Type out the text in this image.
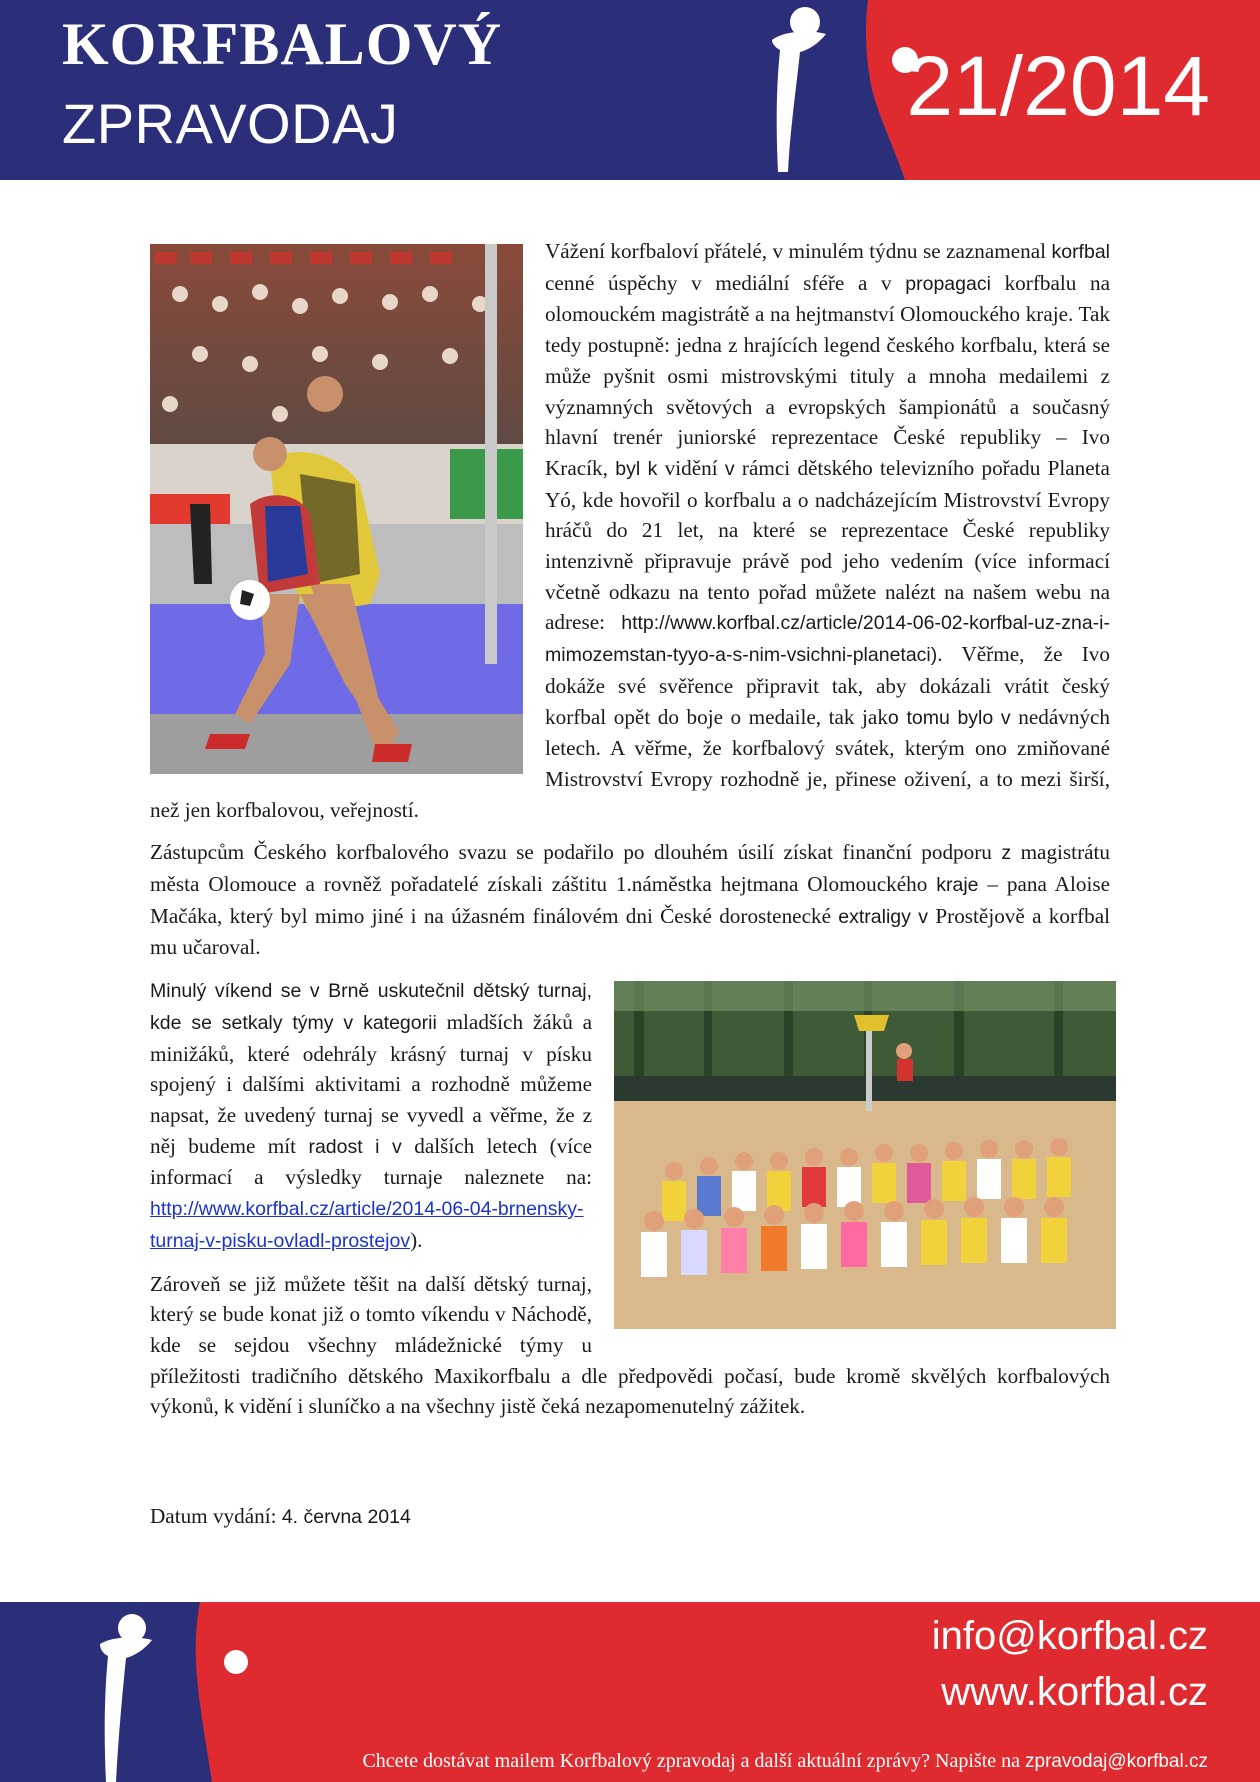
KORFBALOVÝ
ZPRAVODAJ	21/2014

Vážení korfbaloví přátelé, v minulém týdnu se zaznamenal korfbal cenné úspěchy v mediální sféře a v propagaci korfbalu na olomouckém magistrátě a na hejtmanství Olomouckého kraje. Tak tedy postupně: jedna z hrajících legend českého korfbalu, která se může pyšnit osmi mistrovskými tituly a mnoha medailemi z významných světových a evropských šampionátů a současný hlavní trenér juniorské reprezentace České republiky – Ivo Kracík, byl k vidění v rámci dětského televizního pořadu Planeta Yó, kde hovořil o korfbalu a o nadcházejícím Mistrovství Evropy hráčů do 21 let, na které se reprezentace České republiky intenzivně připravuje právě pod jeho vedením (více informací včetně odkazu na tento pořad můžete nalézt na našem webu na adrese: http://www.korfbal.cz/article/2014-06-02-korfbal-uz-zna-i-mimozemstan-tyyo-a-s-nim-vsichni-planetaci). Věřme, že Ivo dokáže své svěřence připravit tak, aby dokázali vrátit český korfbal opět do boje o medaile, tak jako tomu bylo v nedávných letech. A věřme, že korfbalový svátek, kterým ono zmiňované Mistrovství Evropy rozhodně je, přinese oživení, a to mezi širší, než jen korfbalovou, veřejností.

Zástupcům Českého korfbalového svazu se podařilo po dlouhém úsilí získat finanční podporu z magistrátu města Olomouce a rovněž pořadatelé získali záštitu 1.náměstka hejtmana Olomouckého kraje – pana Aloise Mačáka, který byl mimo jiné i na úžasném finálovém dni České dorostenecké extraligy v Prostějově a korfbal mu učaroval.

Minulý víkend se v Brně uskutečnil dětský turnaj, kde se setkaly týmy v kategorii mladších žáků a minižáků, které odehrály krásný turnaj v písku spojený i dalšími aktivitami a rozhodně můžeme napsat, že uvedený turnaj se vyvedl a věřme, že z něj budeme mít radost i v dalších letech (více informací a výsledky turnaje naleznete na: http://www.korfbal.cz/article/2014-06-04-brnensky-turnaj-v-pisku-ovladl-prostejov).

Zároveň se již můžete těšit na další dětský turnaj, který se bude konat již o tomto víkendu v Náchodě, kde se sejdou všechny mládežnické týmy u příležitosti tradičního dětského Maxikorfbalu a dle předpovědi počasí, bude kromě skvělých korfbalových výkonů, k vidění i sluníčko a na všechny jistě čeká nezapomenutelný zážitek.

Datum vydání: 4. června 2014
info@korfbal.cz
www.korfbal.cz
Chcete dostávat mailem Korfbalový zpravodaj a další aktuální zprávy? Napište na zpravodaj@korfbal.cz
